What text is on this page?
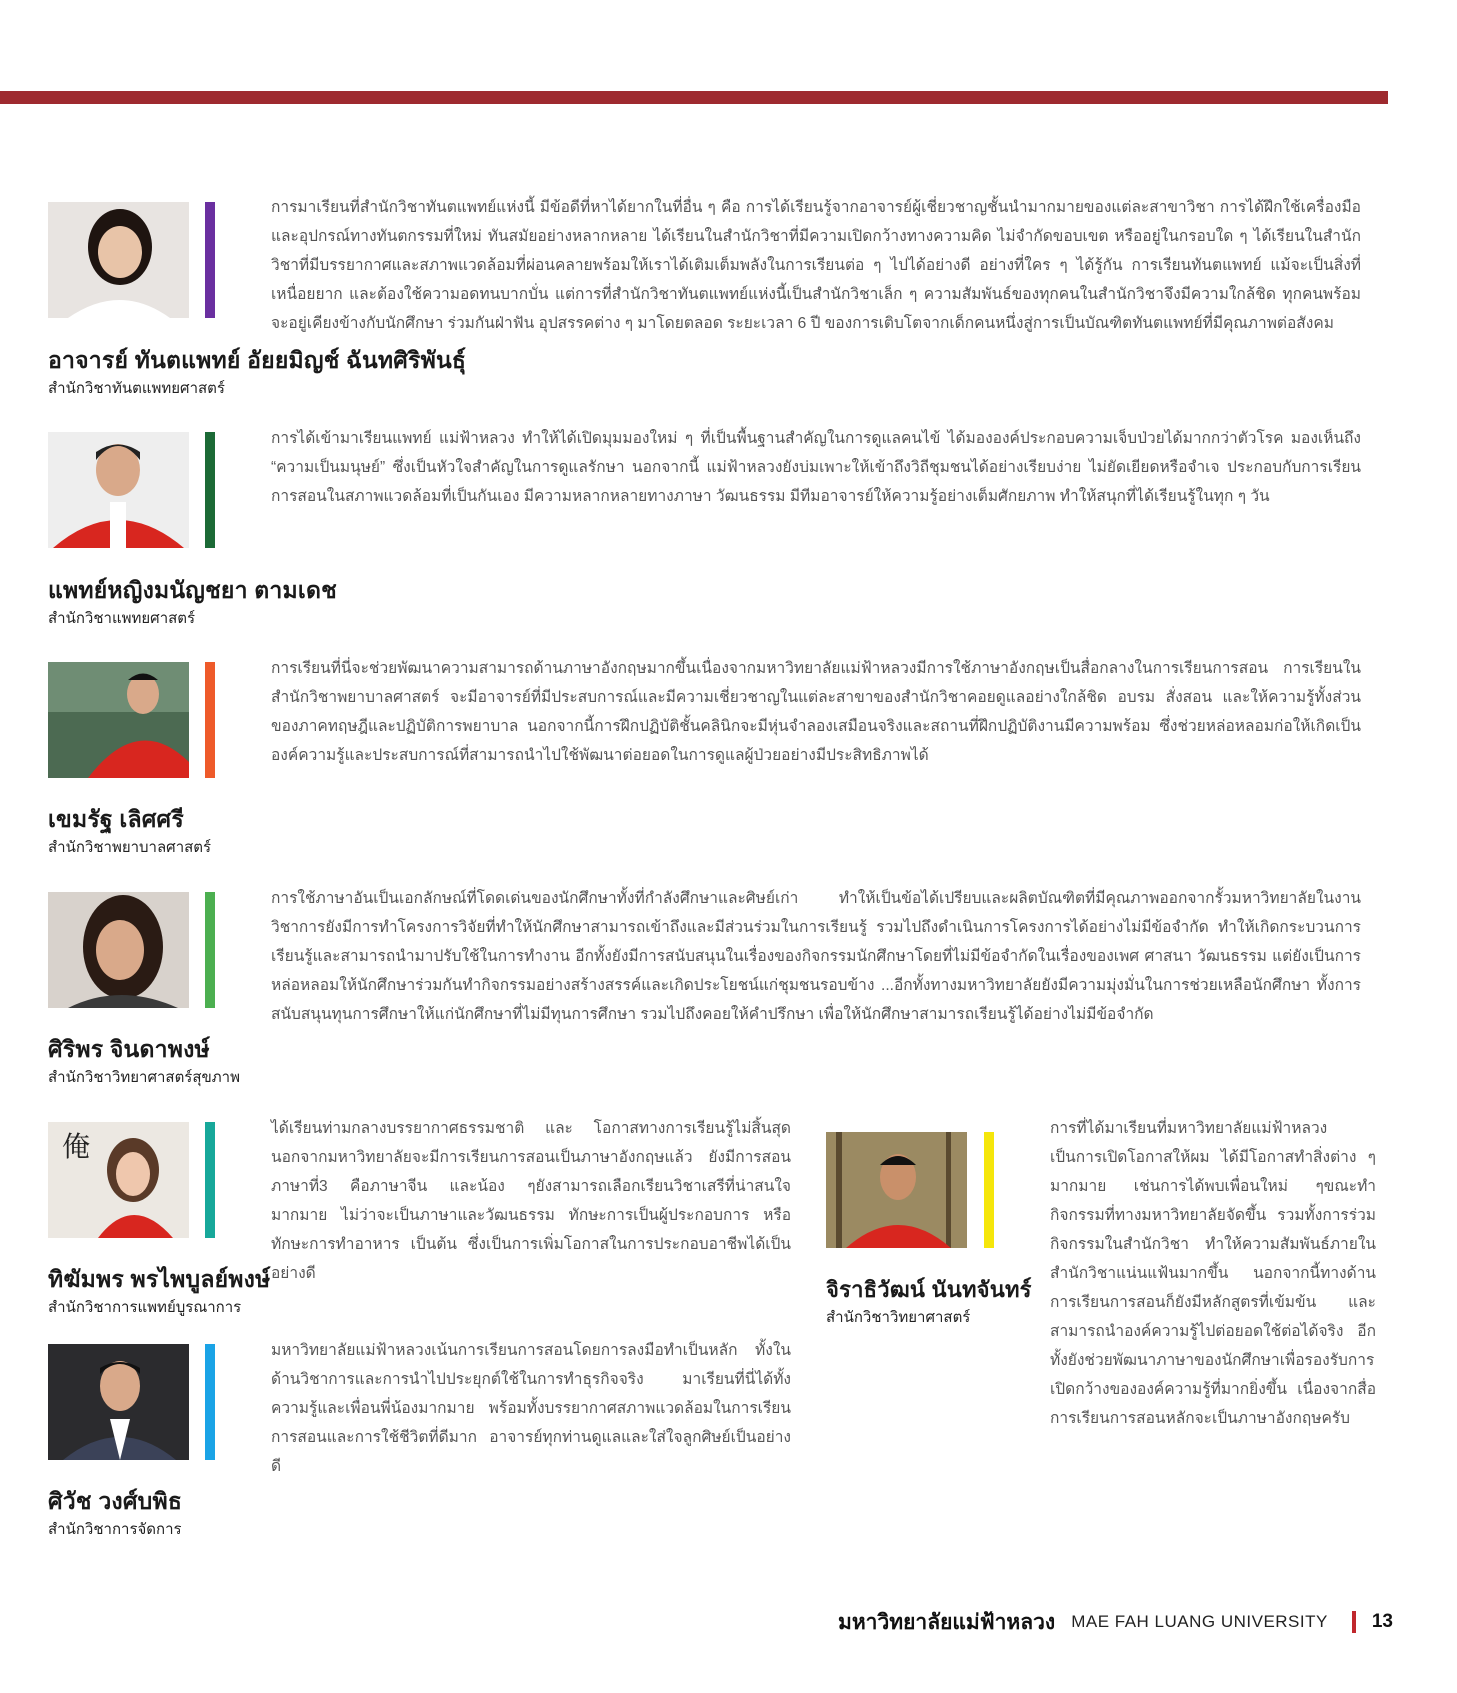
การมาเรียนที่สำนักวิชาทันตแพทย์แห่งนี้ มีข้อดีที่หาได้ยากในที่อื่น ๆ คือ การได้เรียนรู้จากอาจารย์ผู้เชี่ยวชาญชั้นนำมากมายของแต่ละสาขาวิชา การได้ฝึกใช้เครื่องมือและอุปกรณ์ทางทันตกรรมที่ใหม่ ทันสมัยอย่างหลากหลาย ได้เรียนในสำนักวิชาที่มีความเปิดกว้างทางความคิด ไม่จำกัดขอบเขต หรืออยู่ในกรอบใด ๆ ได้เรียนในสำนักวิชาที่มีบรรยากาศและสภาพแวดล้อมที่ผ่อนคลายพร้อมให้เราได้เติมเต็มพลังในการเรียนต่อ ๆ ไปได้อย่างดี อย่างที่ใคร ๆ ได้รู้กัน การเรียนทันตแพทย์ แม้จะเป็นสิ่งที่เหนื่อยยาก และต้องใช้ความอดทนบากบั่น แต่การที่สำนักวิชาทันตแพทย์แห่งนี้เป็นสำนักวิชาเล็ก ๆ ความสัมพันธ์ของทุกคนในสำนักวิชาจึงมีความใกล้ชิด ทุกคนพร้อมจะอยู่เคียงข้างกับนักศึกษา ร่วมกันฝ่าฟัน อุปสรรคต่าง ๆ มาโดยตลอด ระยะเวลา 6 ปี ของการเติบโตจากเด็กคนหนึ่งสู่การเป็นบัณฑิตทันตแพทย์ที่มีคุณภาพต่อสังคม

อาจารย์ ทันตแพทย์ อัยยมิญช์ ฉันทศิริพันธุ์
สำนักวิชาทันตแพทยศาสตร์

การได้เข้ามาเรียนแพทย์ แม่ฟ้าหลวง ทำให้ได้เปิดมุมมองใหม่ ๆ ที่เป็นพื้นฐานสำคัญในการดูแลคนไข้ ได้มององค์ประกอบความเจ็บป่วยได้มากกว่าตัวโรค มองเห็นถึง “ความเป็นมนุษย์” ซึ่งเป็นหัวใจสำคัญในการดูแลรักษา นอกจากนี้ แม่ฟ้าหลวงยังบ่มเพาะให้เข้าถึงวิถีชุมชนได้อย่างเรียบง่าย ไม่ยัดเยียดหรือจำเจ ประกอบกับการเรียนการสอนในสภาพแวดล้อมที่เป็นกันเอง มีความหลากหลายทางภาษา วัฒนธรรม มีทีมอาจารย์ให้ความรู้อย่างเต็มศักยภาพ ทำให้สนุกที่ได้เรียนรู้ในทุก ๆ วัน

แพทย์หญิงมนัญชยา ตามเดช
สำนักวิชาแพทยศาสตร์

การเรียนที่นี่จะช่วยพัฒนาความสามารถด้านภาษาอังกฤษมากขึ้นเนื่องจากมหาวิทยาลัยแม่ฟ้าหลวงมีการใช้ภาษาอังกฤษเป็นสื่อกลางในการเรียนการสอน การเรียนในสำนักวิชาพยาบาลศาสตร์ จะมีอาจารย์ที่มีประสบการณ์และมีความเชี่ยวชาญในแต่ละสาขาของสำนักวิชาคอยดูแลอย่างใกล้ชิด อบรม สั่งสอน และให้ความรู้ทั้งส่วนของภาคทฤษฎีและปฏิบัติการพยาบาล นอกจากนี้การฝึกปฏิบัติชั้นคลินิกจะมีหุ่นจำลองเสมือนจริงและสถานที่ฝึกปฏิบัติงานมีความพร้อม ซึ่งช่วยหล่อหลอมก่อให้เกิดเป็นองค์ความรู้และประสบการณ์ที่สามารถนำไปใช้พัฒนาต่อยอดในการดูแลผู้ป่วยอย่างมีประสิทธิภาพได้

เขมรัฐ เลิศศรี
สำนักวิชาพยาบาลศาสตร์

การใช้ภาษาอันเป็นเอกลักษณ์ที่โดดเด่นของนักศึกษาทั้งที่กำลังศึกษาและศิษย์เก่า ทำให้เป็นข้อได้เปรียบและผลิตบัณฑิตที่มีคุณภาพออกจากรั้วมหาวิทยาลัยในงานวิชาการยังมีการทำโครงการวิจัยที่ทำให้นักศึกษาสามารถเข้าถึงและมีส่วนร่วมในการเรียนรู้ รวมไปถึงดำเนินการโครงการได้อย่างไม่มีข้อจำกัด ทำให้เกิดกระบวนการเรียนรู้และสามารถนำมาปรับใช้ในการทำงาน อีกทั้งยังมีการสนับสนุนในเรื่องของกิจกรรมนักศึกษาโดยที่ไม่มีข้อจำกัดในเรื่องของเพศ ศาสนา วัฒนธรรม แต่ยังเป็นการหล่อหลอมให้นักศึกษาร่วมกันทำกิจกรรมอย่างสร้างสรรค์และเกิดประโยชน์แก่ชุมชนรอบข้าง ...อีกทั้งทางมหาวิทยาลัยยังมีความมุ่งมั่นในการช่วยเหลือนักศึกษา ทั้งการสนับสนุนทุนการศึกษาให้แก่นักศึกษาที่ไม่มีทุนการศึกษา รวมไปถึงคอยให้คำปรึกษา เพื่อให้นักศึกษาสามารถเรียนรู้ได้อย่างไม่มีข้อจำกัด

ศิริพร จินดาพงษ์
สำนักวิชาวิทยาศาสตร์สุขภาพ
俺

ได้เรียนท่ามกลางบรรยากาศธรรมชาติ และ โอกาสทางการเรียนรู้ไม่สิ้นสุด นอกจากมหาวิทยาลัยจะมีการเรียนการสอนเป็นภาษาอังกฤษแล้ว ยังมีการสอนภาษาที่3 คือภาษาจีน และน้อง ๆยังสามารถเลือกเรียนวิชาเสรีที่น่าสนใจมากมาย ไม่ว่าจะเป็นภาษาและวัฒนธรรม ทักษะการเป็นผู้ประกอบการ หรือ ทักษะการทำอาหาร เป็นต้น ซึ่งเป็นการเพิ่มโอกาสในการประกอบอาชีพได้เป็นอย่างดี

ทิฆัมพร พรไพบูลย์พงษ์
สำนักวิชาการแพทย์บูรณาการ

มหาวิทยาลัยแม่ฟ้าหลวงเน้นการเรียนการสอนโดยการลงมือทำเป็นหลัก ทั้งในด้านวิชาการและการนำไปประยุกต์ใช้ในการทำธุรกิจจริง มาเรียนที่นี่ได้ทั้งความรู้และเพื่อนพี่น้องมากมาย พร้อมทั้งบรรยากาศสภาพแวดล้อมในการเรียนการสอนและการใช้ชีวิตที่ดีมาก อาจารย์ทุกท่านดูแลและใส่ใจลูกศิษย์เป็นอย่างดี

ศิวัช วงศ์บพิธ
สำนักวิชาการจัดการ

การที่ได้มาเรียนที่มหาวิทยาลัยแม่ฟ้าหลวง เป็นการเปิดโอกาสให้ผม ได้มีโอกาสทำสิ่งต่าง ๆ มากมาย เช่นการได้พบเพื่อนใหม่ ๆขณะทำกิจกรรมที่ทางมหาวิทยาลัยจัดขึ้น รวมทั้งการร่วมกิจกรรมในสำนักวิชา ทำให้ความสัมพันธ์ภายในสำนักวิชาแน่นแฟ้นมากขึ้น นอกจากนี้ทางด้านการเรียนการสอนก็ยังมีหลักสูตรที่เข้มข้น และสามารถนำองค์ความรู้ไปต่อยอดใช้ต่อได้จริง อีกทั้งยังช่วยพัฒนาภาษาของนักศึกษาเพื่อรองรับการเปิดกว้างขององค์ความรู้ที่มากยิ่งขึ้น เนื่องจากสื่อการเรียนการสอนหลักจะเป็นภาษาอังกฤษครับ

จิราธิวัฒน์ นันทจันทร์
สำนักวิชาวิทยาศาสตร์
มหาวิทยาลัยแม่ฟ้าหลวง MAE FAH LUANG UNIVERSITY 13
